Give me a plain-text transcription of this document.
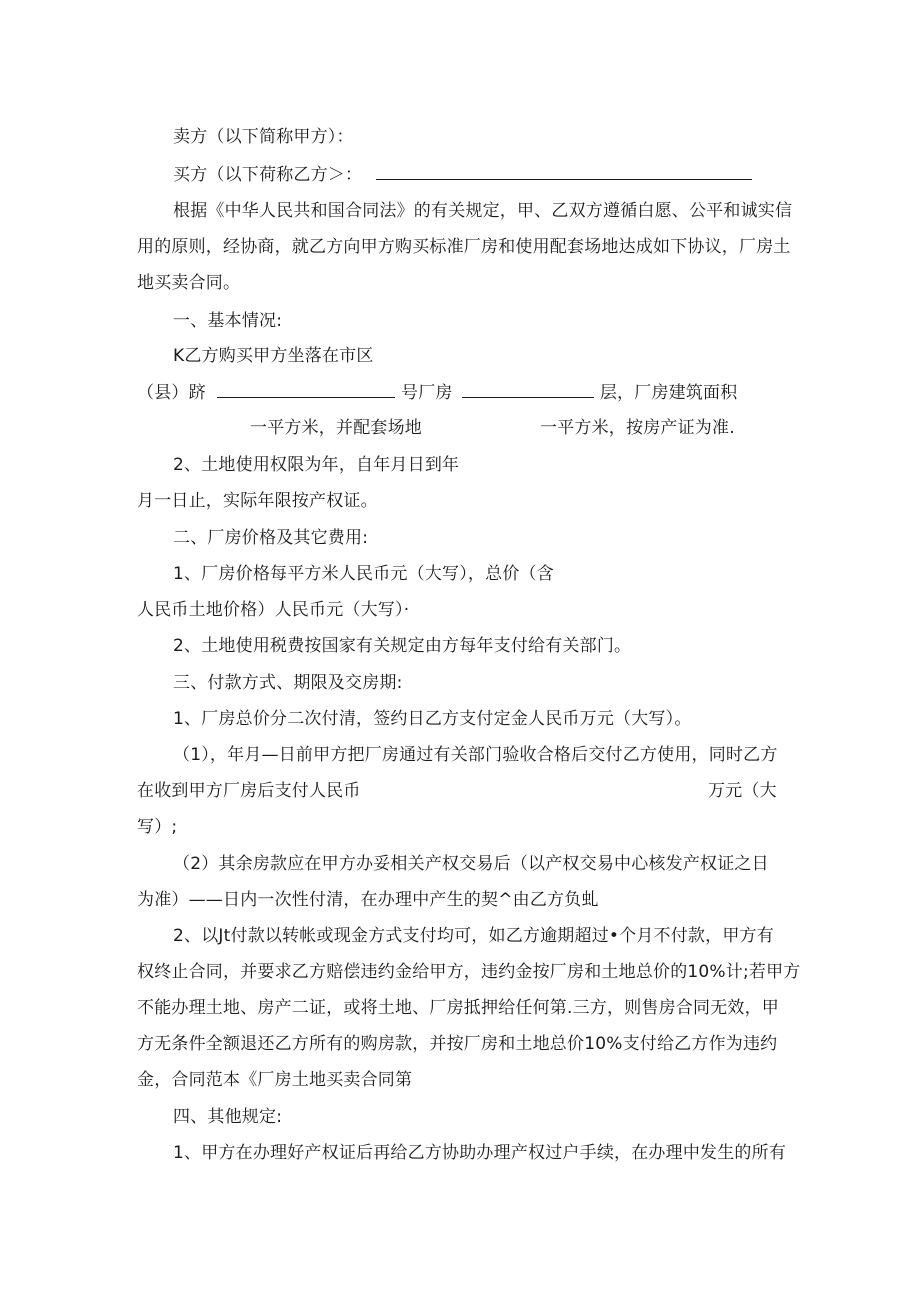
卖方（以下简称甲方）：
买方（以下荷称乙方＞：
根据《中华人民共和国合同法》的有关规定，甲、乙双方遵循白愿、公平和诚实信
用的原则，经协商，就乙方向甲方购买标准厂房和使用配套场地达成如下协议，厂房土
地买卖合同。
一、基本情况:
K乙方购买甲方坐落在市区
（县）跻	号厂房	层，厂房建筑面积
一平方米，并配套场地	一平方米，按房产证为准.
2、土地使用权限为年，自年月日到年
月一日止，实际年限按产权证。
二、厂房价格及其它费用:
1、厂房价格每平方米人民币元（大写），总价（含
人民币土地价格）人民币元（大写）·
2、土地使用税费按国家有关规定由方每年支付给有关部门。
三、付款方式、期限及交房期:
1、厂房总价分二次付清，签约日乙方支付定金人民币万元（大写）。
（1），年月—日前甲方把厂房通过有关部门验收合格后交付乙方使用，同时乙方
在收到甲方厂房后支付人民币	万元（大
写）;
（2）其余房款应在甲方办妥相关产权交易后（以产权交易中心核发产权证之日
为准）——日内一次性付清，在办理中产生的契^由乙方负虬
2、以Jt付款以转帐或现金方式支付均可，如乙方逾期超过•个月不付款，甲方有
权终止合同，并要求乙方赔偿违约金给甲方，违约金按厂房和土地总价的10%计;若甲方
不能办理土地、房产二证，或将土地、厂房抵押给任何第.三方，则售房合同无效，甲
方无条件全额退还乙方所有的购房款，并按厂房和土地总价10%支付给乙方作为违约
金，合同范本《厂房土地买卖合同第
四、其他规定:
1、甲方在办理好产权证后再给乙方协助办理产权过户手续，在办理中发生的所有
